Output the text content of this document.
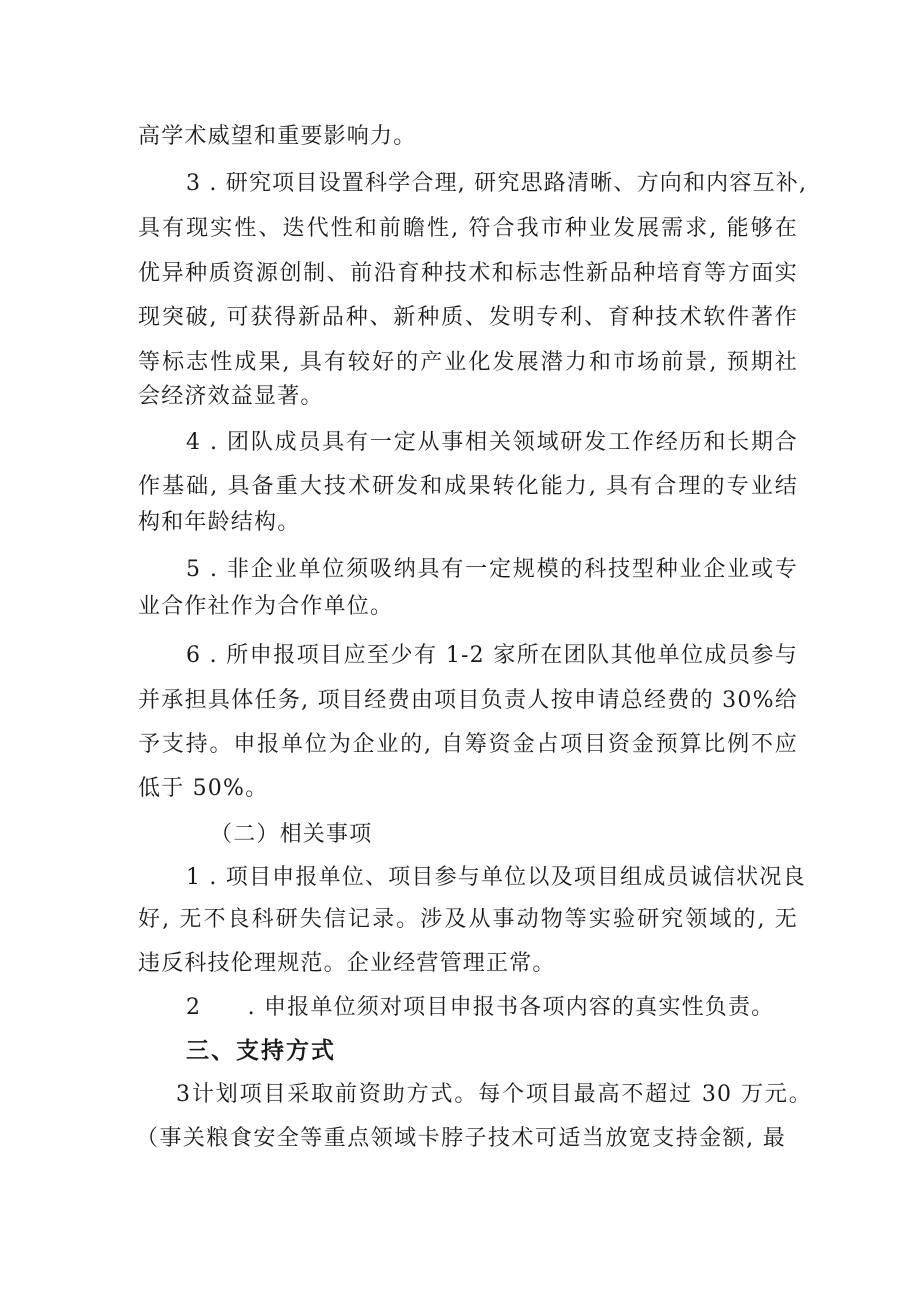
高学术威望和重要影响力。
3 . 研究项目设置科学合理, 研究思路清晰、方向和内容互补,
具有现实性、迭代性和前瞻性, 符合我市种业发展需求, 能够在
优异种质资源创制、前沿育种技术和标志性新品种培育等方面实
现突破, 可获得新品种、新种质、发明专利、育种技术软件著作
等标志性成果, 具有较好的产业化发展潜力和市场前景, 预期社
会经济效益显著。
4 . 团队成员具有一定从事相关领域研发工作经历和长期合
作基础, 具备重大技术研发和成果转化能力, 具有合理的专业结
构和年龄结构。
5 . 非企业单位须吸纳具有一定规模的科技型种业企业或专
业合作社作为合作单位。
6 . 所申报项目应至少有 1-2 家所在团队其他单位成员参与
并承担具体任务, 项目经费由项目负责人按申请总经费的 30%给
予支持。申报单位为企业的, 自筹资金占项目资金预算比例不应
低于 50%。
（二）相关事项
1 . 项目申报单位、项目参与单位以及项目组成员诚信状况良
好, 无不良科研失信记录。涉及从事动物等实验研究领域的, 无
违反科技伦理规范。企业经营管理正常。
2　　. 申报单位须对项目申报书各项内容的真实性负责。
三、支持方式
3计划项目采取前资助方式。每个项目最高不超过 30 万元。
（事关粮食安全等重点领域卡脖子技术可适当放宽支持金额, 最
